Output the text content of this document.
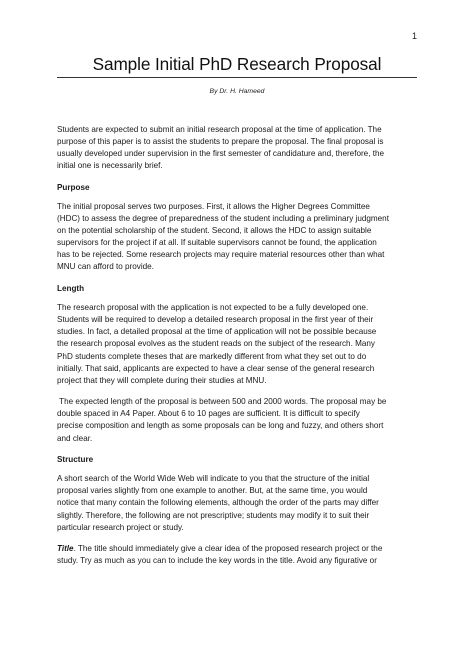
1
Sample Initial PhD Research Proposal
By Dr. H. Hameed
Students are expected to submit an initial research proposal at the time of application. The
purpose of this paper is to assist the students to prepare the proposal. The final proposal is
usually developed under supervision in the first semester of candidature and, therefore, the
initial one is necessarily brief.
Purpose
The initial proposal serves two purposes. First, it allows the Higher Degrees Committee
(HDC) to assess the degree of preparedness of the student including a preliminary judgment
on the potential scholarship of the student. Second, it allows the HDC to assign suitable
supervisors for the project if at all. If suitable supervisors cannot be found, the application
has to be rejected. Some research projects may require material resources other than what
MNU can afford to provide.
Length
The research proposal with the application is not expected to be a fully developed one.
Students will be required to develop a detailed research proposal in the first year of their
studies. In fact, a detailed proposal at the time of application will not be possible because
the research proposal evolves as the student reads on the subject of the research. Many
PhD students complete theses that are markedly different from what they set out to do
initially. That said, applicants are expected to have a clear sense of the general research
project that they will complete during their studies at MNU.
The expected length of the proposal is between 500 and 2000 words. The proposal may be
double spaced in A4 Paper. About 6 to 10 pages are sufficient. It is difficult to specify
precise composition and length as some proposals can be long and fuzzy, and others short
and clear.
Structure
A short search of the World Wide Web will indicate to you that the structure of the initial
proposal varies slightly from one example to another. But, at the same time, you would
notice that many contain the following elements, although the order of the parts may differ
slightly. Therefore, the following are not prescriptive; students may modify it to suit their
particular research project or study.
Title. The title should immediately give a clear idea of the proposed research project or the
study. Try as much as you can to include the key words in the title. Avoid any figurative or
